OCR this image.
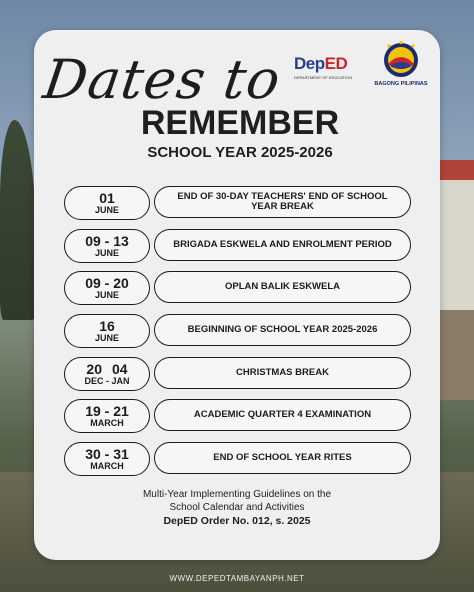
Dates to
REMEMBER
SCHOOL YEAR 2025-2026
DepED
DEPARTMENT OF EDUCATION
BAGONG PILIPINAS
01
JUNE
END OF 30-DAY TEACHERS' END OF SCHOOL YEAR BREAK
09 - 13
JUNE
BRIGADA ESKWELA AND ENROLMENT PERIOD
09 - 20
JUNE
OPLAN BALIK ESKWELA
16
JUNE
BEGINNING OF SCHOOL YEAR 2025-2026
20 04
DEC - JAN
CHRISTMAS BREAK
19 - 21
MARCH
ACADEMIC QUARTER 4 EXAMINATION
30 - 31
MARCH
END OF SCHOOL YEAR RITES
Multi-Year Implementing Guidelines on the
School Calendar and Activities
DepED Order No. 012, s. 2025
WWW.DEPEDTAMBAYANPH.NET
